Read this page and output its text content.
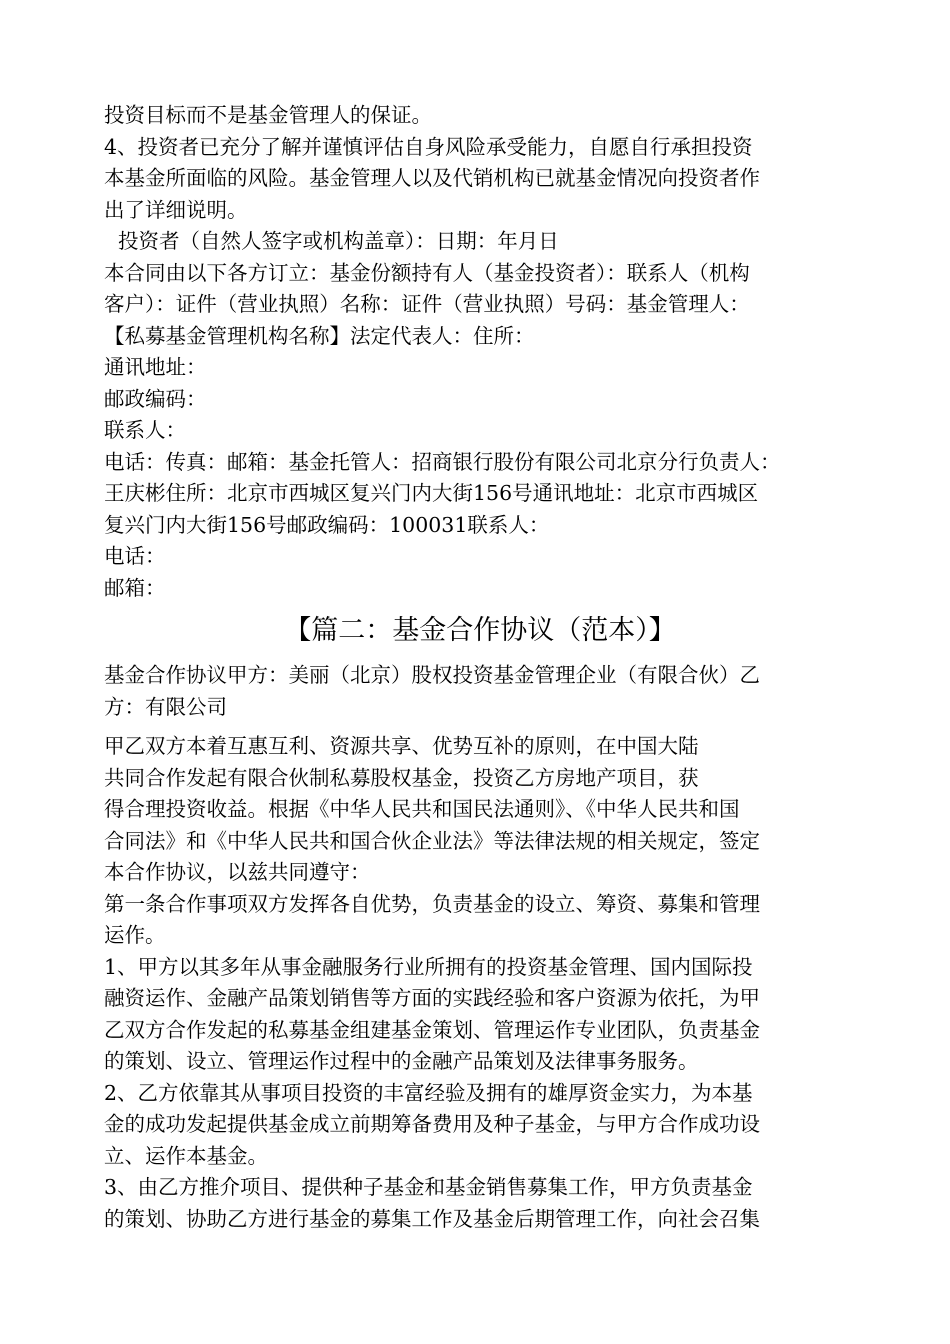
投资目标而不是基金管理人的保证。
4、投资者已充分了解并谨慎评估自身风险承受能力，自愿自行承担投资
本基金所面临的风险。基金管理人以及代销机构已就基金情况向投资者作
出了详细说明。
投资者（自然人签字或机构盖章）：日期：年月日
本合同由以下各方订立：基金份额持有人（基金投资者）：联系人（机构
客户）：证件（营业执照）名称：证件（营业执照）号码：基金管理人：
【私募基金管理机构名称】法定代表人：住所：
通讯地址：
邮政编码：
联系人：
电话：传真：邮箱：基金托管人：招商银行股份有限公司北京分行负责人：
王庆彬住所：北京市西城区复兴门内大街156号通讯地址：北京市西城区
复兴门内大街156号邮政编码：100031联系人：
电话：
邮箱：
【篇二：基金合作协议（范本）】
基金合作协议甲方：美丽（北京）股权投资基金管理企业（有限合伙）乙
方：有限公司
甲乙双方本着互惠互利、资源共享、优势互补的原则，在中国大陆
共同合作发起有限合伙制私募股权基金，投资乙方房地产项目，获
得合理投资收益。根据《中华人民共和国民法通则》、《中华人民共和国
合同法》和《中华人民共和国合伙企业法》等法律法规的相关规定，签定
本合作协议，以兹共同遵守：
第一条合作事项双方发挥各自优势，负责基金的设立、筹资、募集和管理
运作。
1、甲方以其多年从事金融服务行业所拥有的投资基金管理、国内国际投
融资运作、金融产品策划销售等方面的实践经验和客户资源为依托，为甲
乙双方合作发起的私募基金组建基金策划、管理运作专业团队，负责基金
的策划、设立、管理运作过程中的金融产品策划及法律事务服务。
2、乙方依靠其从事项目投资的丰富经验及拥有的雄厚资金实力，为本基
金的成功发起提供基金成立前期筹备费用及种子基金，与甲方合作成功设
立、运作本基金。
3、由乙方推介项目、提供种子基金和基金销售募集工作，甲方负责基金
的策划、协助乙方进行基金的募集工作及基金后期管理工作，向社会召集
